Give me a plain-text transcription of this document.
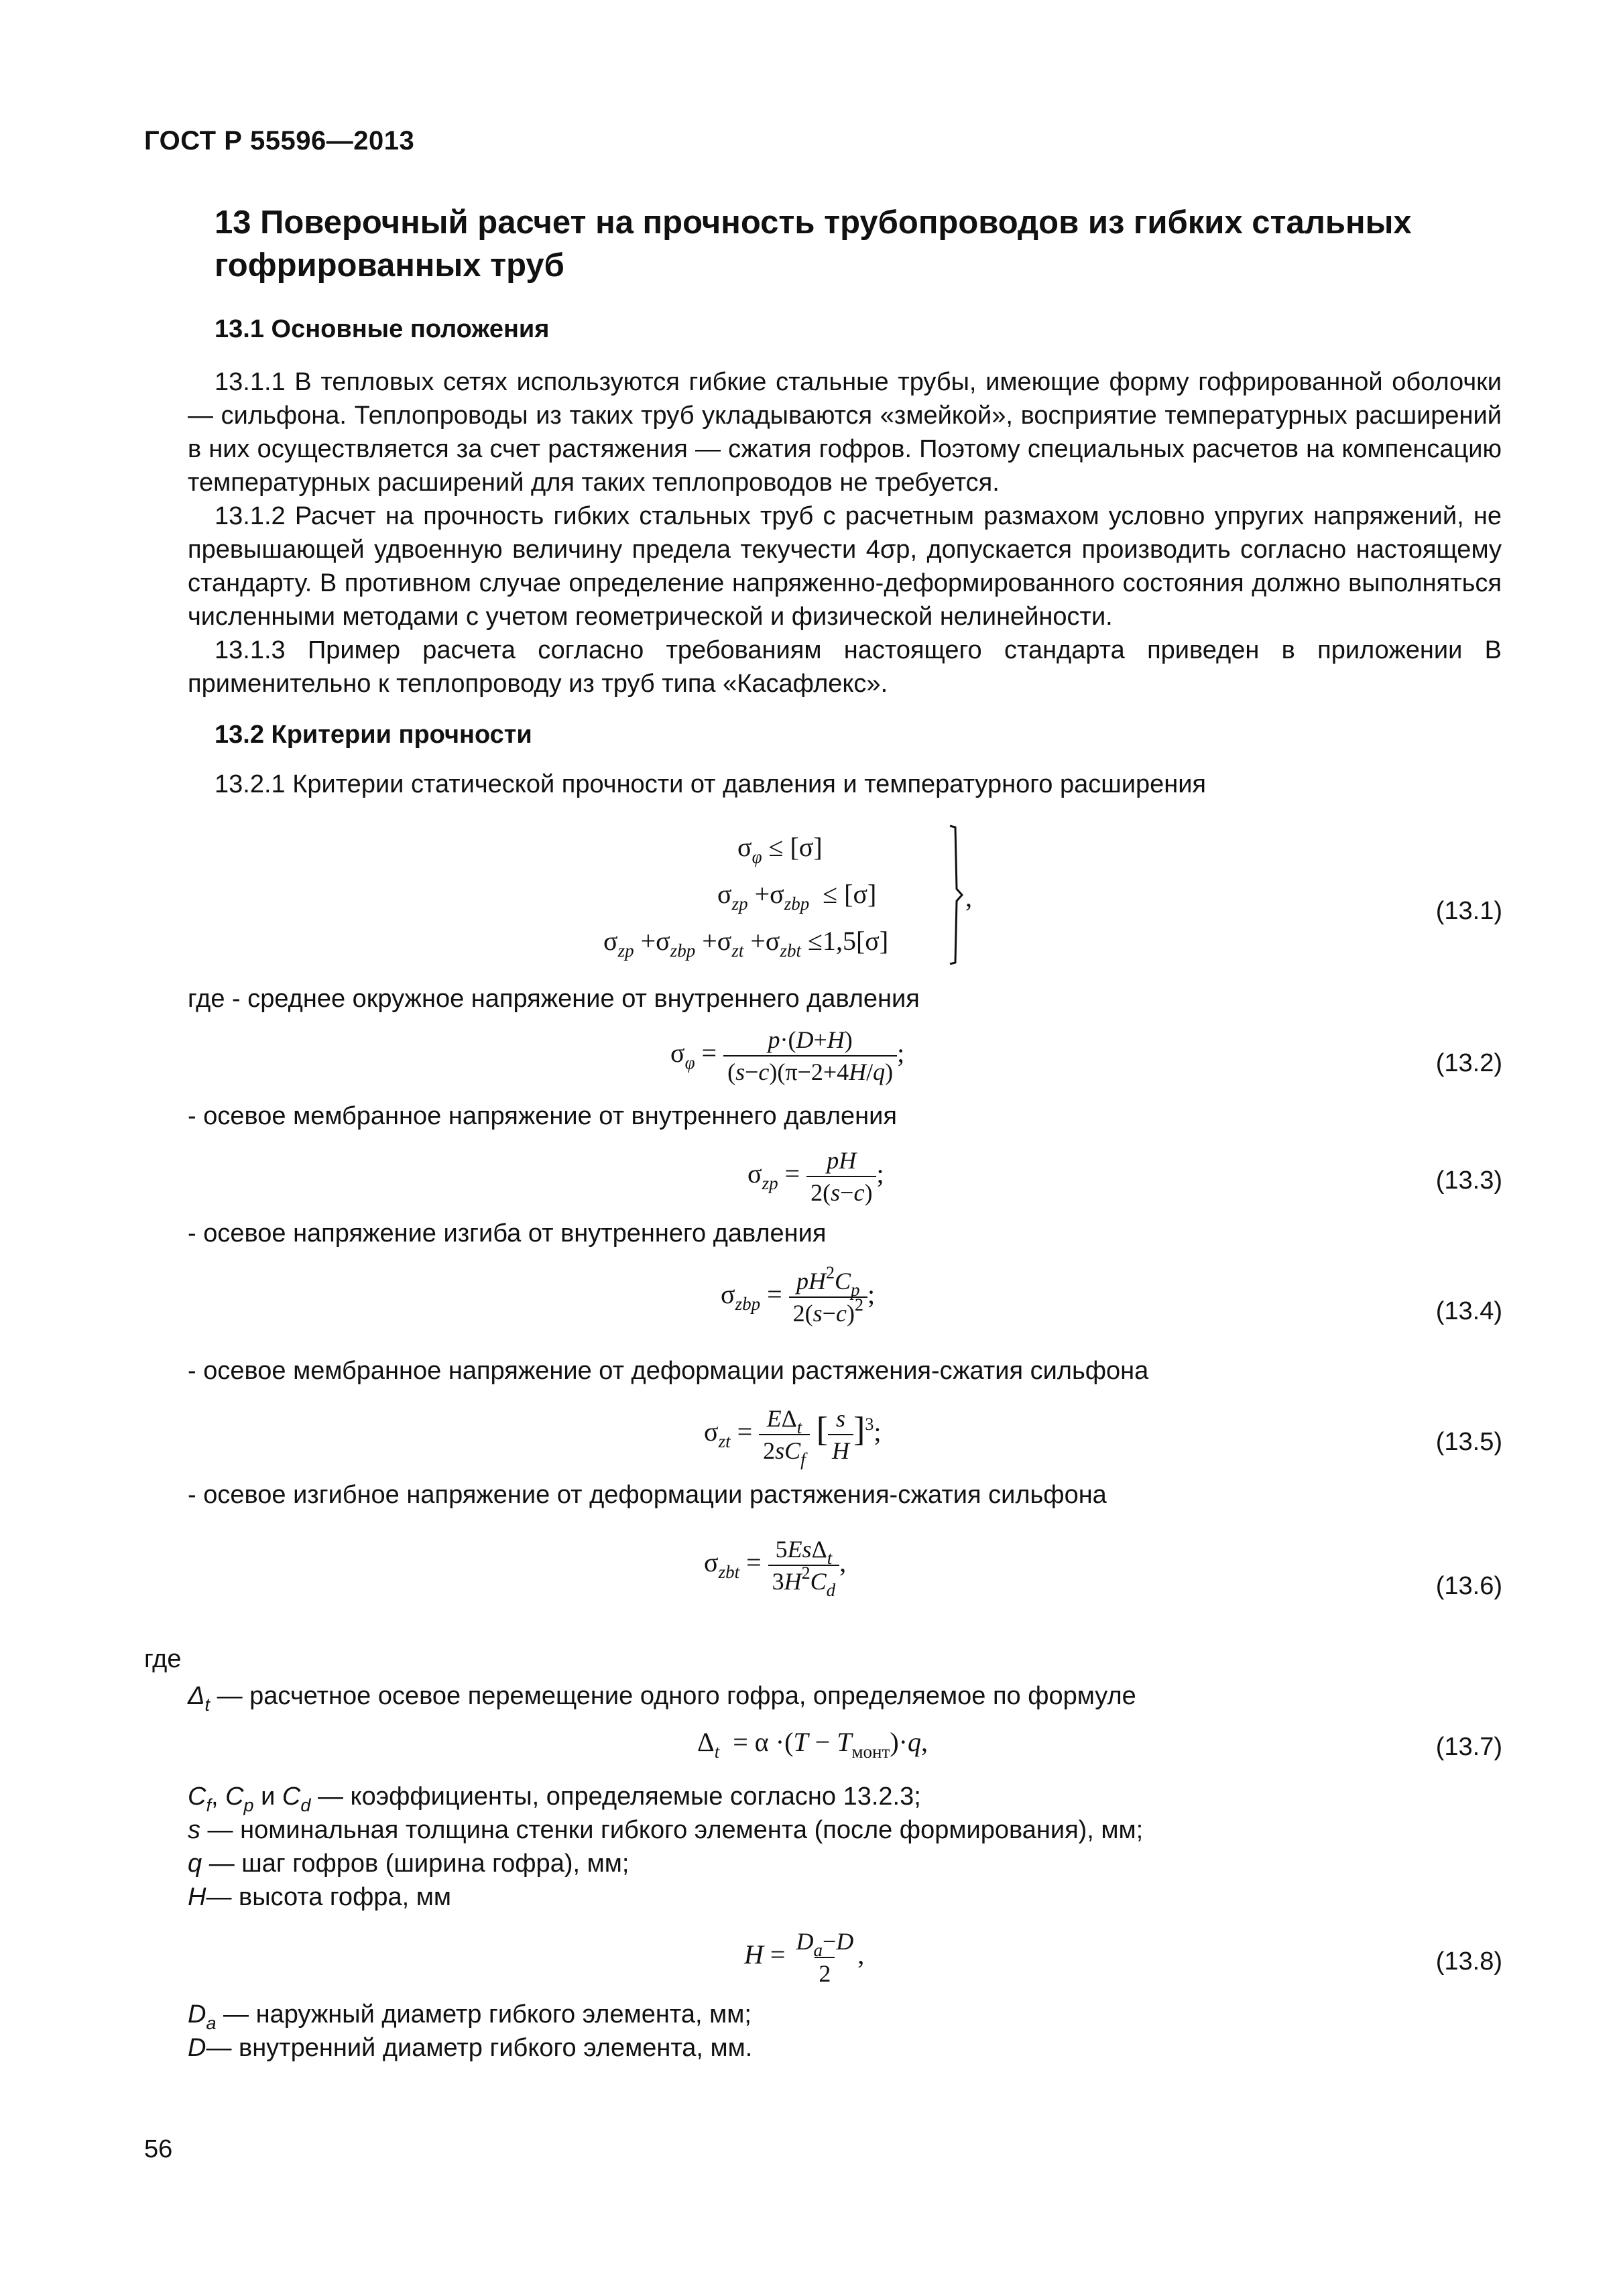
ГОСТ Р 55596—2013
13 Поверочный расчет на прочность трубопроводов из гибких стальных гофрированных труб
13.1 Основные положения
13.1.1 В тепловых сетях используются гибкие стальные трубы, имеющие форму гофрированной оболочки — сильфона. Теплопроводы из таких труб укладываются «змейкой», восприятие температурных расширений в них осуществляется за счет растяжения — сжатия гофров. Поэтому специальных расчетов на компенсацию температурных расширений для таких теплопроводов не требуется.
13.1.2 Расчет на прочность гибких стальных труб с расчетным размахом условно упругих напряжений, не превышающей удвоенную величину предела текучести 4σp, допускается производить согласно настоящему стандарту. В противном случае определение напряженно-деформированного состояния должно выполняться численными методами с учетом геометрической и физической нелинейности.
13.1.3 Пример расчета согласно требованиям настоящего стандарта приведен в приложении В применительно к теплопроводу из труб типа «Касафлекс».
13.2 Критерии прочности
13.2.1 Критерии статической прочности от давления и температурного расширения
$\sigma_\varphi \le [\sigma]$
$\sigma_{zp} +\sigma_{zbp} \le [\sigma]$
$\sigma_{zp} +\sigma_{zbp} +\sigma_{zt} +\sigma_{zbt} \le 1,5[\sigma]$
,	(13.1)
где - среднее окружное напряжение от внутреннего давления
$\sigma_\varphi = \frac{p\cdot(D+H)}{(s-c)(\pi-2+4H/q)}$ ;	(13.2)
- осевое мембранное напряжение от внутреннего давления
$\sigma_{zp} = \frac{pH}{2(s-c)}$ ;	(13.3)
- осевое напряжение изгиба от внутреннего давления
$\sigma_{zbp} = \frac{pH^2C_p}{2(s-c)^2}$ ;
(13.4)
- осевое мембранное напряжение от деформации растяжения-сжатия сильфона
$\sigma_{zt} = \frac{E\Delta_t}{2sC_f}$ [ $\frac{s}{H} ]^3$;	(13.5)
- осевое изгибное напряжение от деформации растяжения-сжатия сильфона
$\sigma_{zbt} = \frac{5Es\Delta_t}{3H^2C_d}$ ,
(13.6)
где
$\Delta_t$ — расчетное осевое перемещение одного гофра, определяемое по формуле
$\Delta_t = \alpha \cdot(T - T_{монт})\cdot q$,	(13.7)
$C_f$, $C_p$ и $C_d$ — коэффициенты, определяемые согласно 13.2.3;
s — номинальная толщина стенки гибкого элемента (после формирования), мм;
q — шаг гофров (ширина гофра), мм;
H— высота гофра, мм
$H = \frac{D_a-D}{2}$ ,	(13.8)
$D_a$ — наружный диаметр гибкого элемента, мм;
D— внутренний диаметр гибкого элемента, мм.
56
